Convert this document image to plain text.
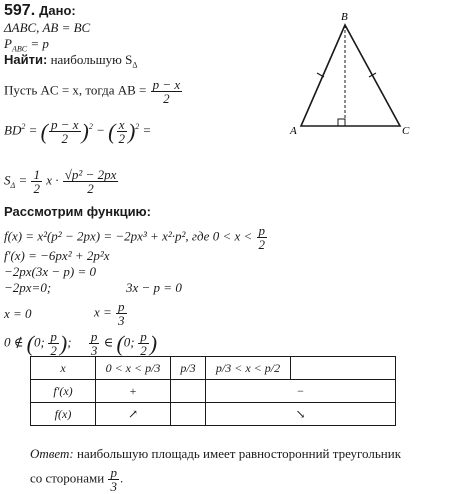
597. Дано:
ΔABC, AB = BC
$P_{ABC} = p$
Найти: наибольшую $S_\Delta$
Пусть AC = x, тогда AB = $\frac{p - x}{2}$
$BD^2$ = ( $\frac{p - x}{2} )^2$ − ( $\frac{x}{2} )^2$ =
$S_\Delta = \frac{1}{2}$ $x \cdot \frac{\text{√p² − 2px}}{2}$
Рассмотрим функцию:
f(x) = x²(p² − 2px) = −2px³ + x²·p², где $0 < x < \frac{p}{2}$
f′(x) = −6px² + 2p²x
−2px(3x − p) = 0
−2px=0;	3x − p = 0
x = 0	$x = \frac{p}{3}$
0 ∉ (0;  $\frac{p}{2}$ );  $\frac{p}{3}$ ∈ (0;  $\frac{p}{2}$ )
x	0 < x < p/3	p/3	p/3 < x < p/2	
f′(x)	+		−	
f(x)	↗		↘	
Ответ: наибольшую площадь имеет равносторонний треугольник
со сторонами $\frac{p}{3}$ .
B
A	C
